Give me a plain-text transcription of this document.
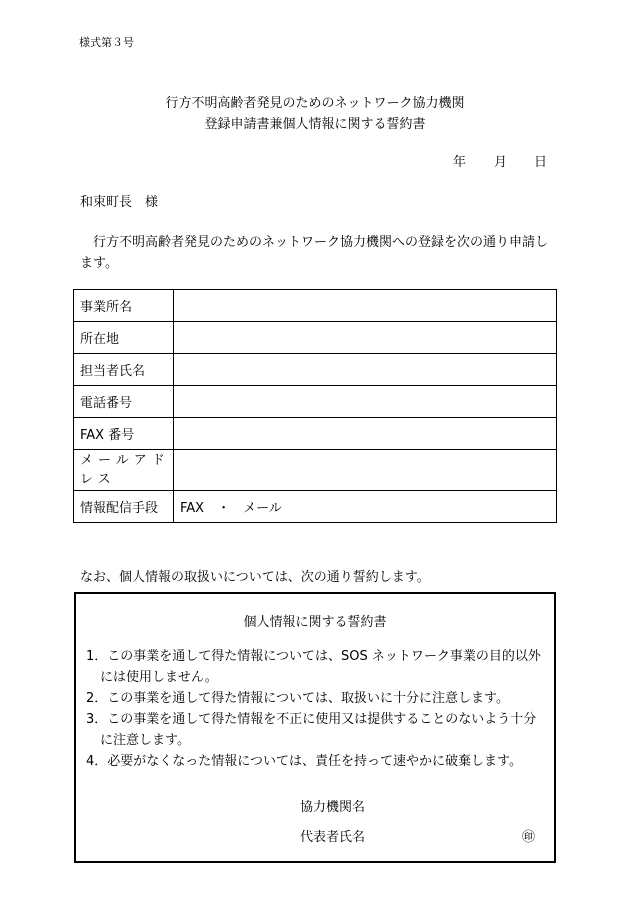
様式第３号
行方不明高齢者発見のためのネットワーク協力機関
登録申請書兼個人情報に関する誓約書
年 月 日
和束町長　様
行方不明高齢者発見のためのネットワーク協力機関への登録を次の通り申請します。
事業所名	
所在地	
担当者氏名	
電話番号	
FAX 番号	
メールアドレス	
情報配信手段	FAX　・　メール
なお、個人情報の取扱いについては、次の通り誓約します。
個人情報に関する誓約書
1．この事業を通して得た情報については、SOS ネットワーク事業の目的以外には使用しません。
2．この事業を通して得た情報については、取扱いに十分に注意します。
3．この事業を通して得た情報を不正に使用又は提供することのないよう十分に注意します。
4．必要がなくなった情報については、責任を持って速やかに破棄します。
協力機関名
代表者氏名	㊞
